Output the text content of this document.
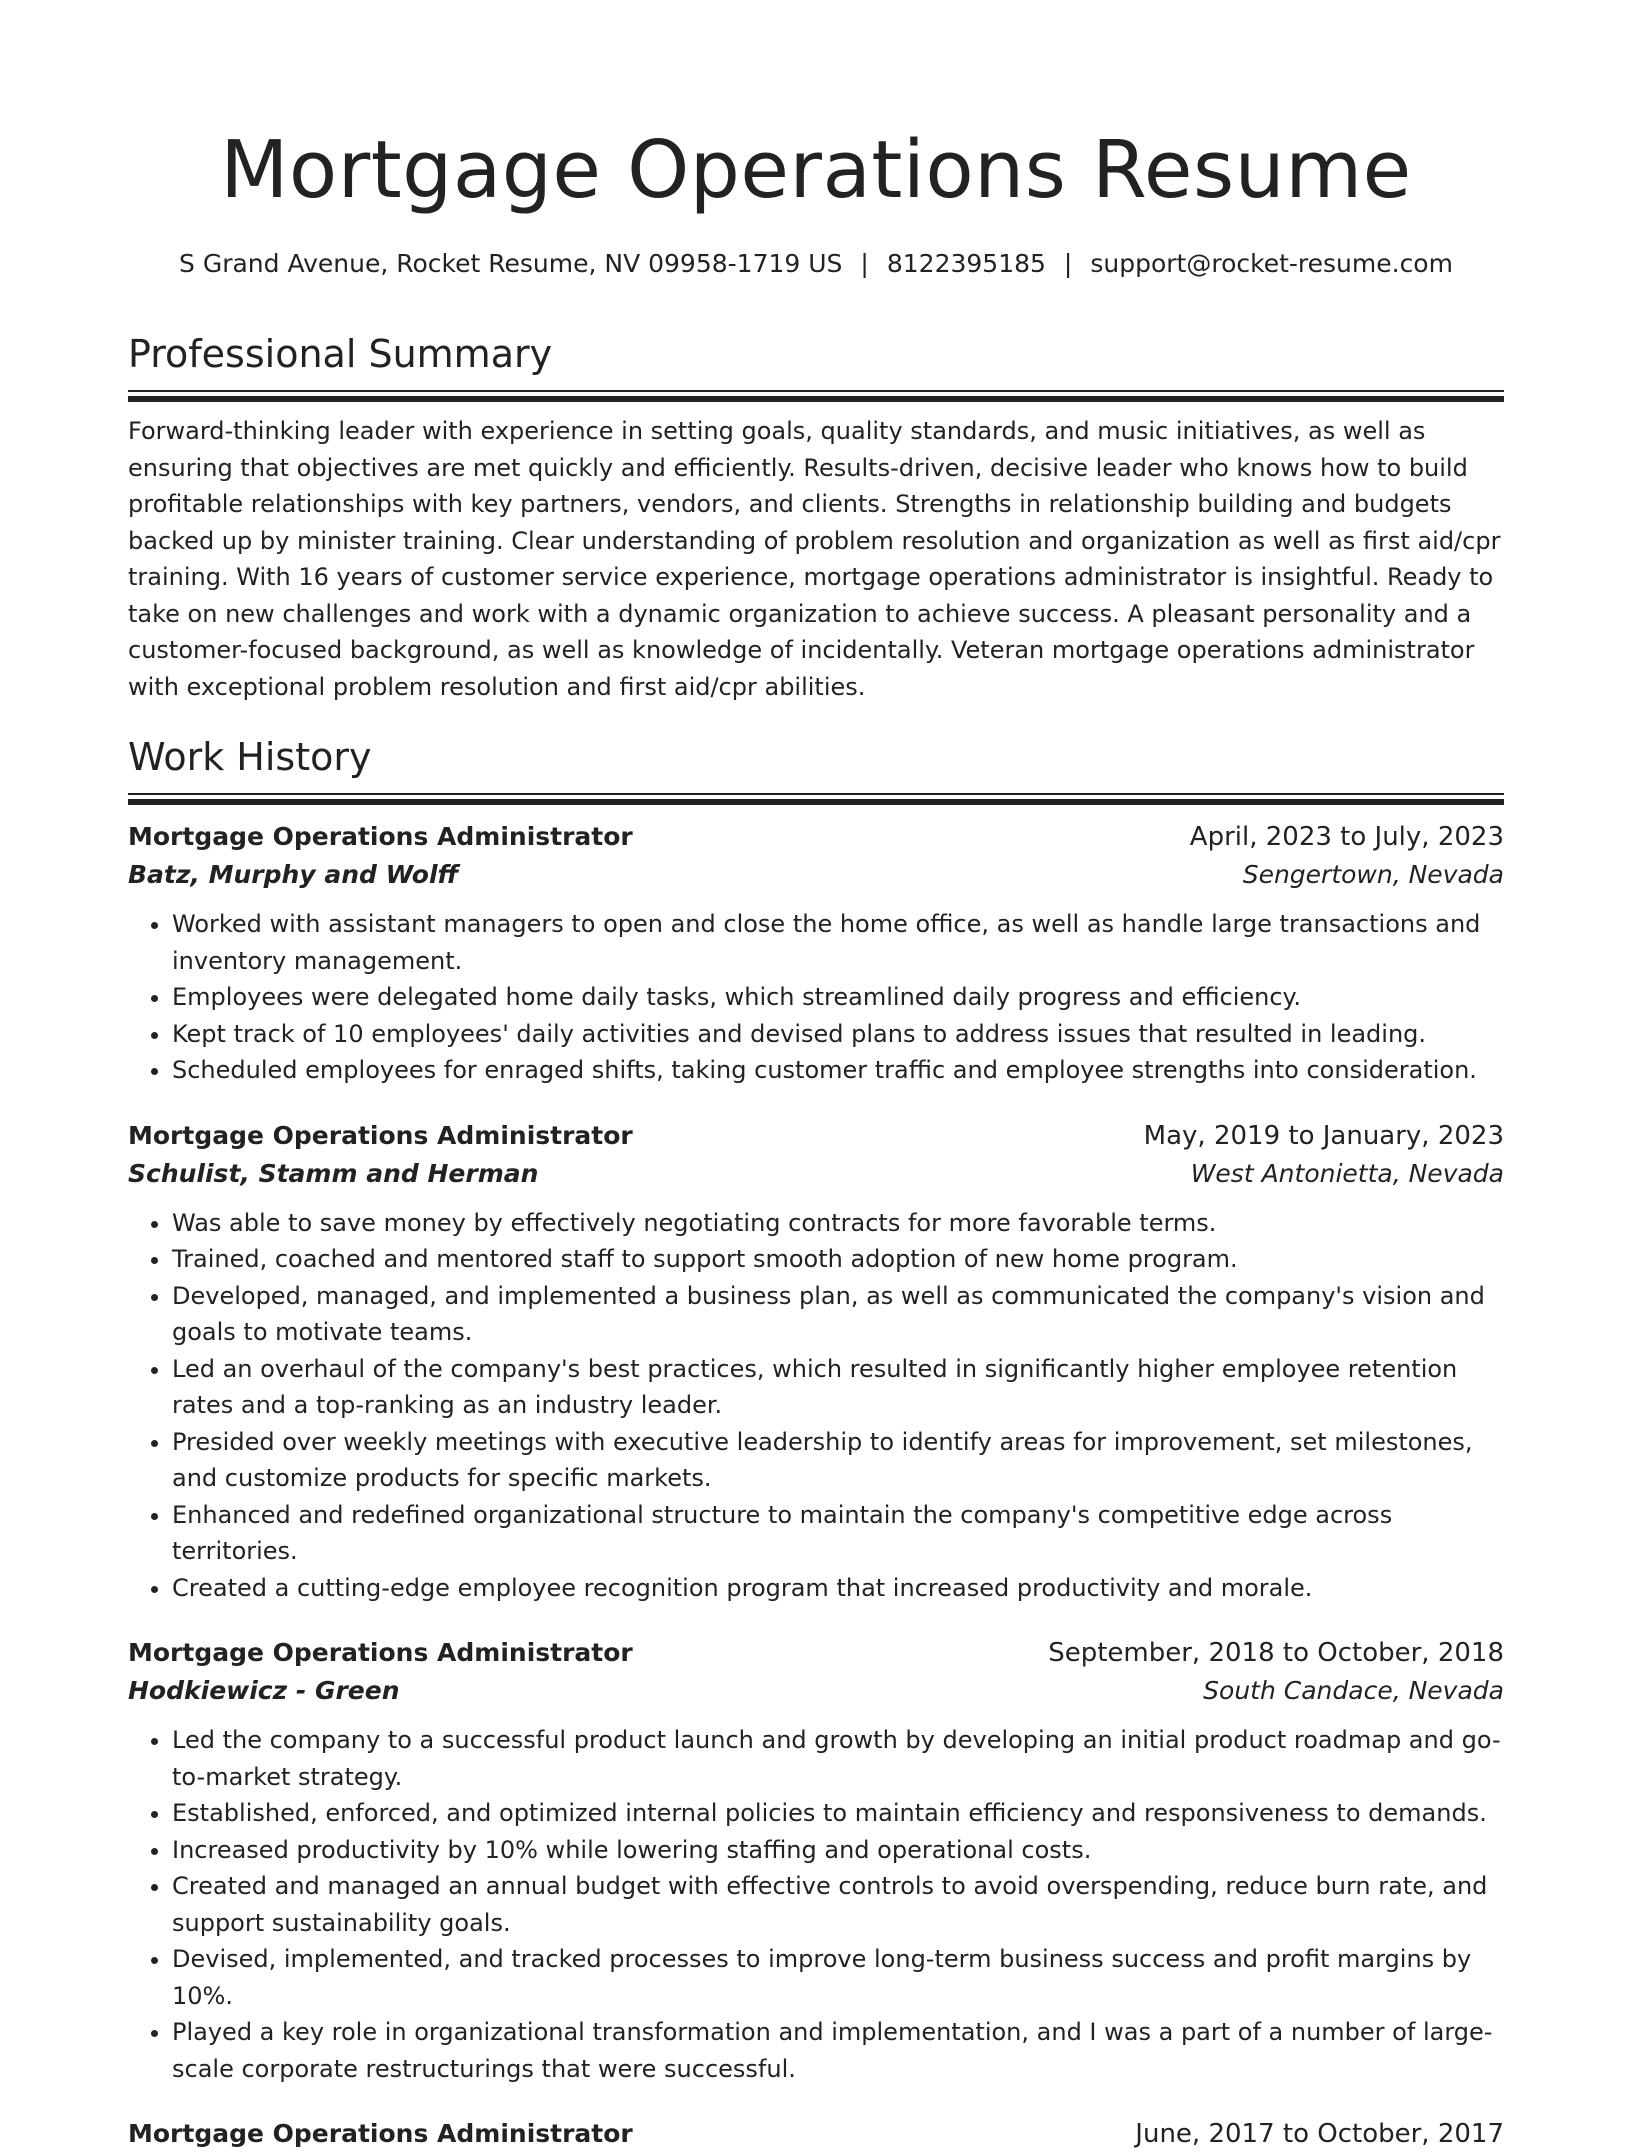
Mortgage Operations Resume
S Grand Avenue, Rocket Resume, NV 09958-1719 US | 8122395185 | support@rocket-resume.com
Professional Summary

Forward-thinking leader with experience in setting goals, quality standards, and music initiatives, as well as ensuring that objectives are met quickly and efficiently. Results-driven, decisive leader who knows how to build profitable relationships with key partners, vendors, and clients. Strengths in relationship building and budgets backed up by minister training. Clear understanding of problem resolution and organization as well as first aid/cpr training. With 16 years of customer service experience, mortgage operations administrator is insightful. Ready to take on new challenges and work with a dynamic organization to achieve success. A pleasant personality and a customer-focused background, as well as knowledge of incidentally. Veteran mortgage operations administrator with exceptional problem resolution and first aid/cpr abilities.

Work History
Mortgage Operations Administrator	April, 2023 to July, 2023
Batz, Murphy and Wolff	Sengertown, Nevada
• Worked with assistant managers to open and close the home office, as well as handle large transactions and inventory management.
• Employees were delegated home daily tasks, which streamlined daily progress and efficiency.
• Kept track of 10 employees' daily activities and devised plans to address issues that resulted in leading.
• Scheduled employees for enraged shifts, taking customer traffic and employee strengths into consideration.
Mortgage Operations Administrator	May, 2019 to January, 2023
Schulist, Stamm and Herman	West Antonietta, Nevada
• Was able to save money by effectively negotiating contracts for more favorable terms.
• Trained, coached and mentored staff to support smooth adoption of new home program.
• Developed, managed, and implemented a business plan, as well as communicated the company's vision and goals to motivate teams.
• Led an overhaul of the company's best practices, which resulted in significantly higher employee retention rates and a top-ranking as an industry leader.
• Presided over weekly meetings with executive leadership to identify areas for improvement, set milestones, and customize products for specific markets.
• Enhanced and redefined organizational structure to maintain the company's competitive edge across territories.
• Created a cutting-edge employee recognition program that increased productivity and morale.
Mortgage Operations Administrator	September, 2018 to October, 2018
Hodkiewicz - Green	South Candace, Nevada
• Led the company to a successful product launch and growth by developing an initial product roadmap and go-to-market strategy.
• Established, enforced, and optimized internal policies to maintain efficiency and responsiveness to demands.
• Increased productivity by 10% while lowering staffing and operational costs.
• Created and managed an annual budget with effective controls to avoid overspending, reduce burn rate, and support sustainability goals.
• Devised, implemented, and tracked processes to improve long-term business success and profit margins by 10%.
• Played a key role in organizational transformation and implementation, and I was a part of a number of large-scale corporate restructurings that were successful.
Mortgage Operations Administrator	June, 2017 to October, 2017
